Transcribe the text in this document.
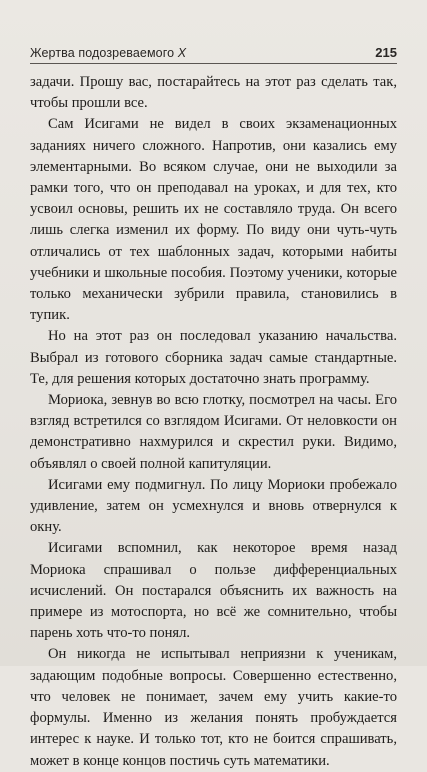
Жертва подозреваемого X	215

задачи. Прошу вас, постарайтесь на этот раз сделать так, чтобы прошли все.

Сам Исигами не видел в своих экзаменационных заданиях ничего сложного. Напротив, они казались ему элементарными. Во всяком случае, они не выходили за рамки того, что он преподавал на уроках, и для тех, кто усвоил основы, решить их не составляло труда. Он всего лишь слегка изменил их форму. По виду они чуть-чуть отличались от тех шаблонных задач, которыми набиты учебники и школьные пособия. Поэтому ученики, которые только механически зубрили правила, становились в тупик.

Но на этот раз он последовал указанию начальства. Выбрал из готового сборника задач самые стандартные. Те, для решения которых достаточно знать программу.

Мориока, зевнув во всю глотку, посмотрел на часы. Его взгляд встретился со взглядом Исигами. От неловкости он демонстративно нахмурился и скрестил руки. Видимо, объявлял о своей полной капитуляции.

Исигами ему подмигнул. По лицу Мориоки пробежало удивление, затем он усмехнулся и вновь отвернулся к окну.

Исигами вспомнил, как некоторое время назад Мориока спрашивал о пользе дифференциальных исчислений. Он постарался объяснить их важность на примере из мотоспорта, но всё же сомнительно, чтобы парень хоть что-то понял.

Он никогда не испытывал неприязни к ученикам, задающим подобные вопросы. Совершенно естественно, что человек не понимает, зачем ему учить какие-то формулы. Именно из желания понять пробуждается интерес к науке. И только тот, кто не боится спрашивать, может в конце концов постичь суть математики.
